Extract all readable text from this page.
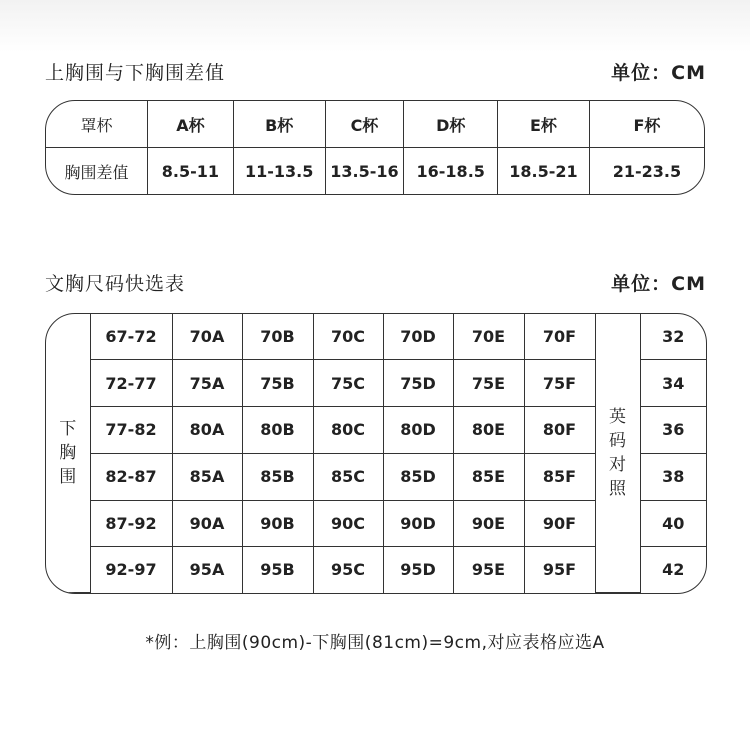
上胸围与下胸围差值	单位：CM
罩杯	A杯	B杯	C杯	D杯	E杯	F杯
胸围差值	8.5-11	11-13.5	13.5-16	16-18.5	18.5-21	21-23.5
文胸尺码快选表	单位：CM
下胸围	67-72	70A	70B	70C	70D	70E	70F	英码对照	32
	72-77	75A	75B	75C	75D	75E	75F		34
	77-82	80A	80B	80C	80D	80E	80F		36
	82-87	85A	85B	85C	85D	85E	85F		38
	87-92	90A	90B	90C	90D	90E	90F		40
	92-97	95A	95B	95C	95D	95E	95F		42
*例：上胸围(90cm)-下胸围(81cm)=9cm,对应表格应选A
